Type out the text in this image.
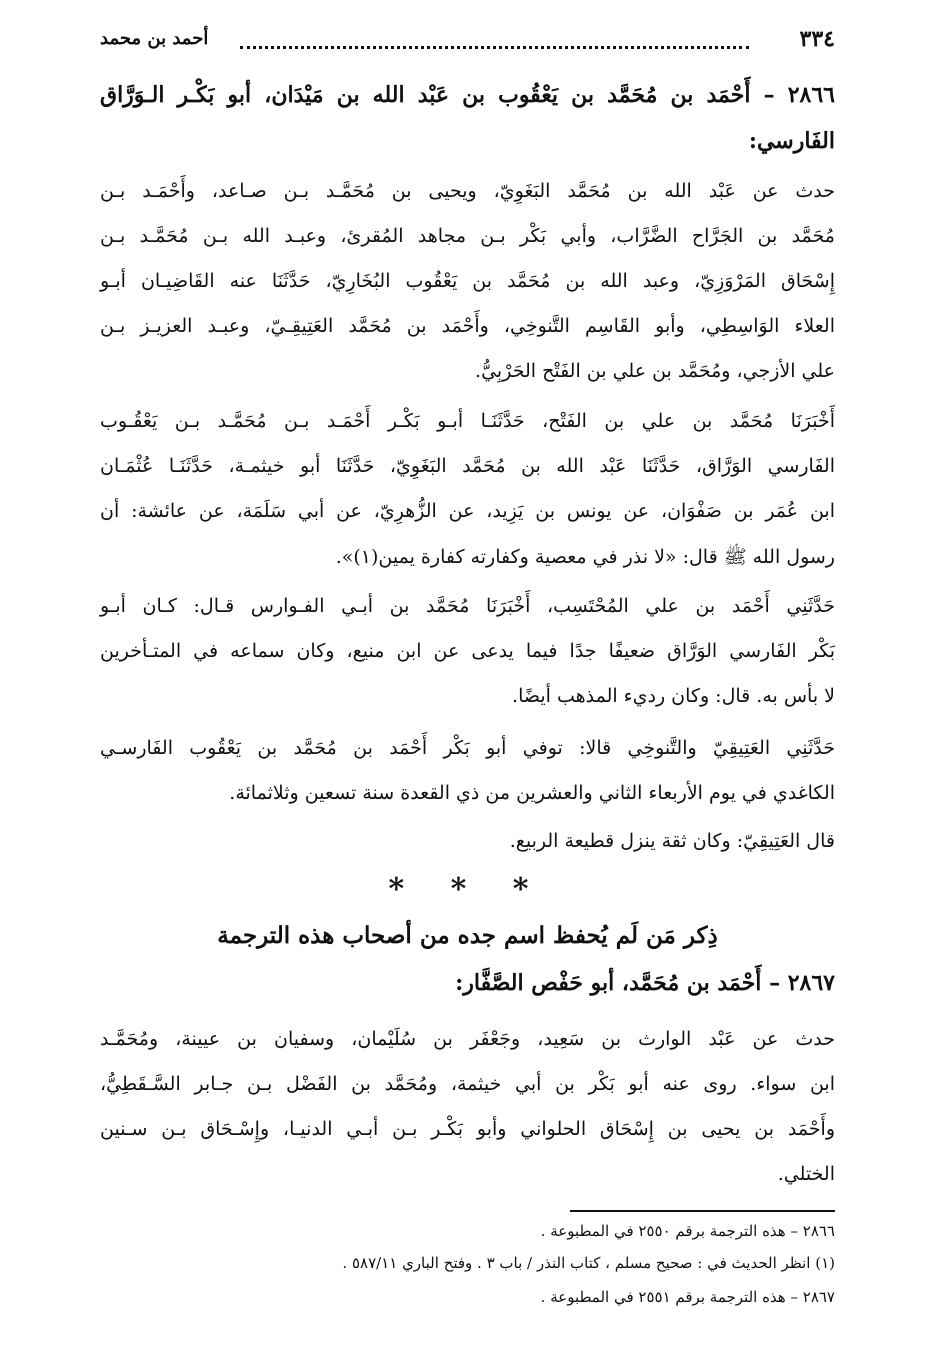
٣٣٤
أحمد بن محمد
٢٨٦٦ – أَحْمَد بن مُحَمَّد بن يَعْقُوب بن عَبْد الله بن مَيْدَان، أبو بَكْـر الـوَرَّاق
الفَارسي:
حدث عن عَبْد الله بن مُحَمَّد البَغَوِيّ، ويحيى بن مُحَمَّـد بـن صـاعد، وأَحْمَـد بـن
مُحَمَّد بن الجَرَّاح الضَّرَّاب، وأبي بَكْر بـن مجاهد المُقرئ، وعبـد الله بـن مُحَمَّـد بـن
إِسْحَاق المَرْوَزِيّ، وعبد الله بن مُحَمَّد بن يَعْقُوب البُخَارِيّ، حَدَّثَنَا عنه القَاضِيـان أبـو
العلاء الوَاسِطِي، وأبو القَاسِم التَّنوخِي، وأَحْمَد بن مُحَمَّد العَتِيقِـيّ، وعبـد العزيـز بـن
علي الأزجي، ومُحَمَّد بن علي بن الفَتْح الحَرْبِيُّ.
أَخْبَرَنَا مُحَمَّد بن علي بن الفَتْح، حَدَّثَنَـا أبـو بَكْـر أَحْمَـد بـن مُحَمَّـد بـن يَعْقُـوب
الفَارسي الوَرَّاق، حَدَّثَنَا عَبْد الله بن مُحَمَّد البَغَوِيّ، حَدَّثَنَا أبو خيثمـة، حَدَّثَنَـا عُثْمَـان
ابن عُمَر بن صَفْوَان، عن يونس بن يَزِيد، عن الزُّهرِيّ، عن أبي سَلَمَة، عن عائشة: أن
رسول الله ﷺ قال: «لا نذر في معصية وكفارته كفارة يمين(١)».
حَدَّثَنِي أَحْمَد بن علي المُحْتَسِب، أَخْبَرَنَا مُحَمَّد بن أبـي الفـوارس قـال: كـان أبـو
بَكْر الفَارسي الوَرَّاق ضعيفًا جدًا فيما يدعى عن ابن منيع، وكان سماعه في المتـأخرين
لا بأس به. قال: وكان رديء المذهب أيضًا.
حَدَّثَنِي العَتِيقِيّ والتَّنوخِي قالا: توفي أبو بَكْر أَحْمَد بن مُحَمَّد بن يَعْقُوب الفَارسـي
الكاغدي في يوم الأربعاء الثاني والعشرين من ذي القعدة سنة تسعين وثلاثمائة.
قال العَتِيقِيّ: وكان ثقة ينزل قطيعة الربيع.
* * *
ذِكر مَن لَم يُحفظ اسم جده من أصحاب هذه الترجمة
٢٨٦٧ – أَحْمَد بن مُحَمَّد، أبو حَفْص الصَّفَّار:
حدث عن عَبْد الوارث بن سَعِيد، وجَعْفَر بن سُلَيْمان، وسفيان بن عيينة، ومُحَمَّـد
ابن سواء. روى عنه أبو بَكْر بن أبي خيثمة، ومُحَمَّد بن الفَضْل بـن جـابر السَّـقَطِيُّ،
وأَحْمَد بن يحيى بن إِسْحَاق الحلواني وأبو بَكْـر بـن أبـي الدنيـا، وإِسْـحَاق بـن سـنين
الختلي.
٢٨٦٦ – هذه الترجمة برقم ٢٥٥٠ في المطبوعة .
(١) انظر الحديث في : صحيح مسلم ، كتاب النذر / باب ٣ . وفتح الباري ٥٨٧/١١ .
٢٨٦٧ – هذه الترجمة برقم ٢٥٥١ في المطبوعة .
